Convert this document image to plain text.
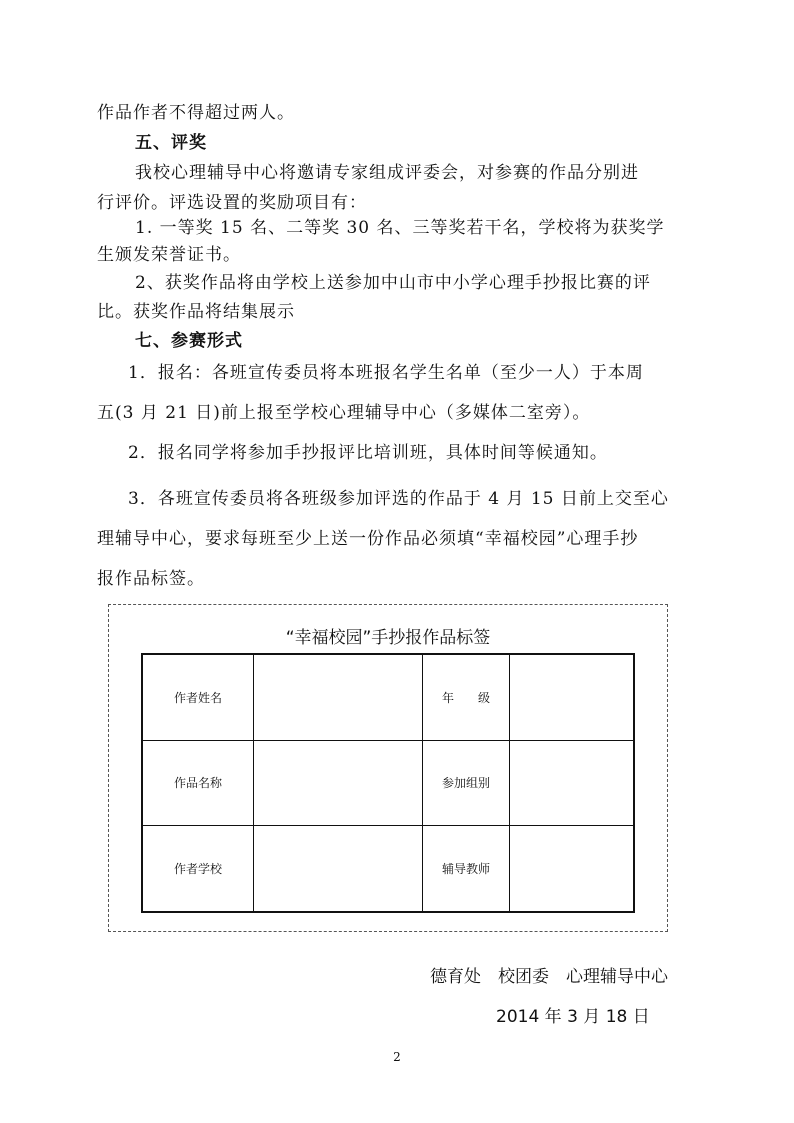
作品作者不得超过两人。
五、评奖
我校心理辅导中心将邀请专家组成评委会，对参赛的作品分别进
行评价。评选设置的奖励项目有：
1. 一等奖 15 名、二等奖 30 名、三等奖若干名，学校将为获奖学
生颁发荣誉证书。
2、获奖作品将由学校上送参加中山市中小学心理手抄报比赛的评
比。获奖作品将结集展示
七、参赛形式
1．报名：各班宣传委员将本班报名学生名单（至少一人）于本周
五(3 月 21 日)前上报至学校心理辅导中心（多媒体二室旁）。
2．报名同学将参加手抄报评比培训班，具体时间等候通知。
3．各班宣传委员将各班级参加评选的作品于 4 月 15 日前上交至心
理辅导中心，要求每班至少上送一份作品必须填“幸福校园”心理手抄
报作品标签。
“幸福校园”手抄报作品标签
作者姓名		年　　级	
作品名称		参加组别	
作者学校		辅导教师	
德育处　校团委　心理辅导中心
2014 年 3 月 18 日
2
